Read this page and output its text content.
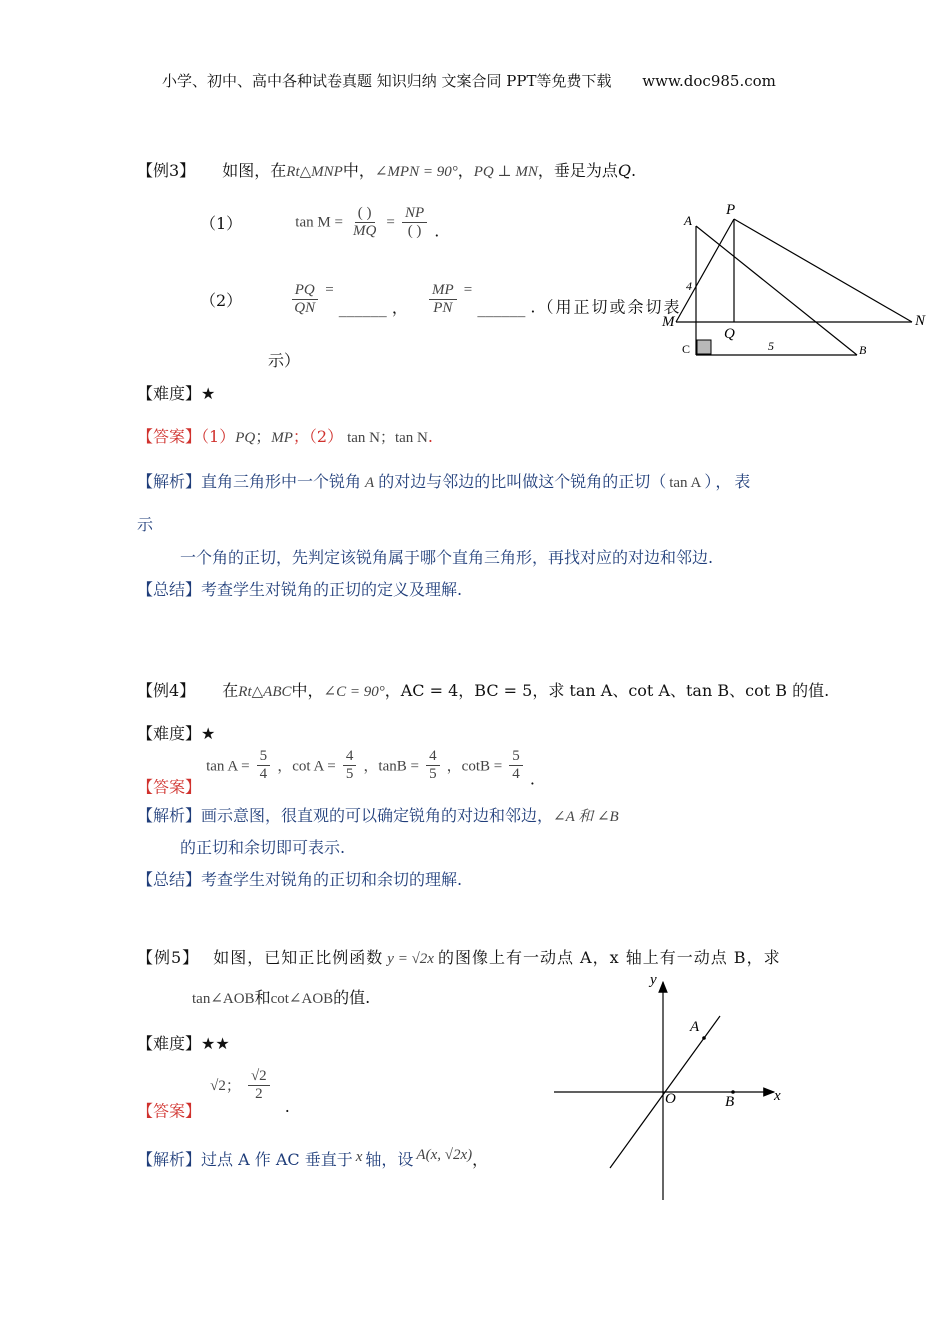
小学、初中、高中各种试卷真题 知识归纳 文案合同 PPT等免费下载 www.doc985.com
【例3】 如图，在Rt△MNP中，∠MPN = 90°，PQ ⊥ MN，垂足为点Q.
（1）	$\tan M = \frac{( )}{MQ} = \frac{NP}{( )}$ .
（2）	$\frac{PQ}{QN}$ = ______ ， $\frac{MP}{PN}$ = ______ .（用正切或余切表
示）
A
P
M	N
Q
C	B
4
5
【难度】★
【答案】（1）PQ；MP；（2） tan N；tan N.
【解析】直角三角形中一个锐角 A 的对边与邻边的比叫做这个锐角的正切（ tan A ），表
示
一个角的正切，先判定该锐角属于哪个直角三角形，再找对应的对边和邻边.
【总结】考查学生对锐角的正切的定义及理解.
【例4】 在Rt△ABC中，∠C = 90°，AC = 4，BC = 5，求 tan A、cot A、tan B、cot B 的值.
【难度】★
【答案】 $\tan A = \frac{5}{4}$ ，$\cot A = \frac{4}{5}$ ，$\tan B = \frac{4}{5}$ ，$\cot B = \frac{5}{4}$ .
【解析】画示意图，很直观的可以确定锐角的对边和邻边，∠A 和 ∠B
的正切和余切即可表示.
【总结】考查学生对锐角的正切和余切的理解.
【例5】 如图，已知正比例函数 y = √2x 的图像上有一动点 A，x 轴上有一动点 B，求
tan∠AOB和cot∠AOB的值.
【难度】★★
【答案】 √2； $\frac{√2}{2}$
.
【解析】过点 A 作 AC 垂直于 x 轴，设 A(x, √2x)，
y
x
O
A
B
